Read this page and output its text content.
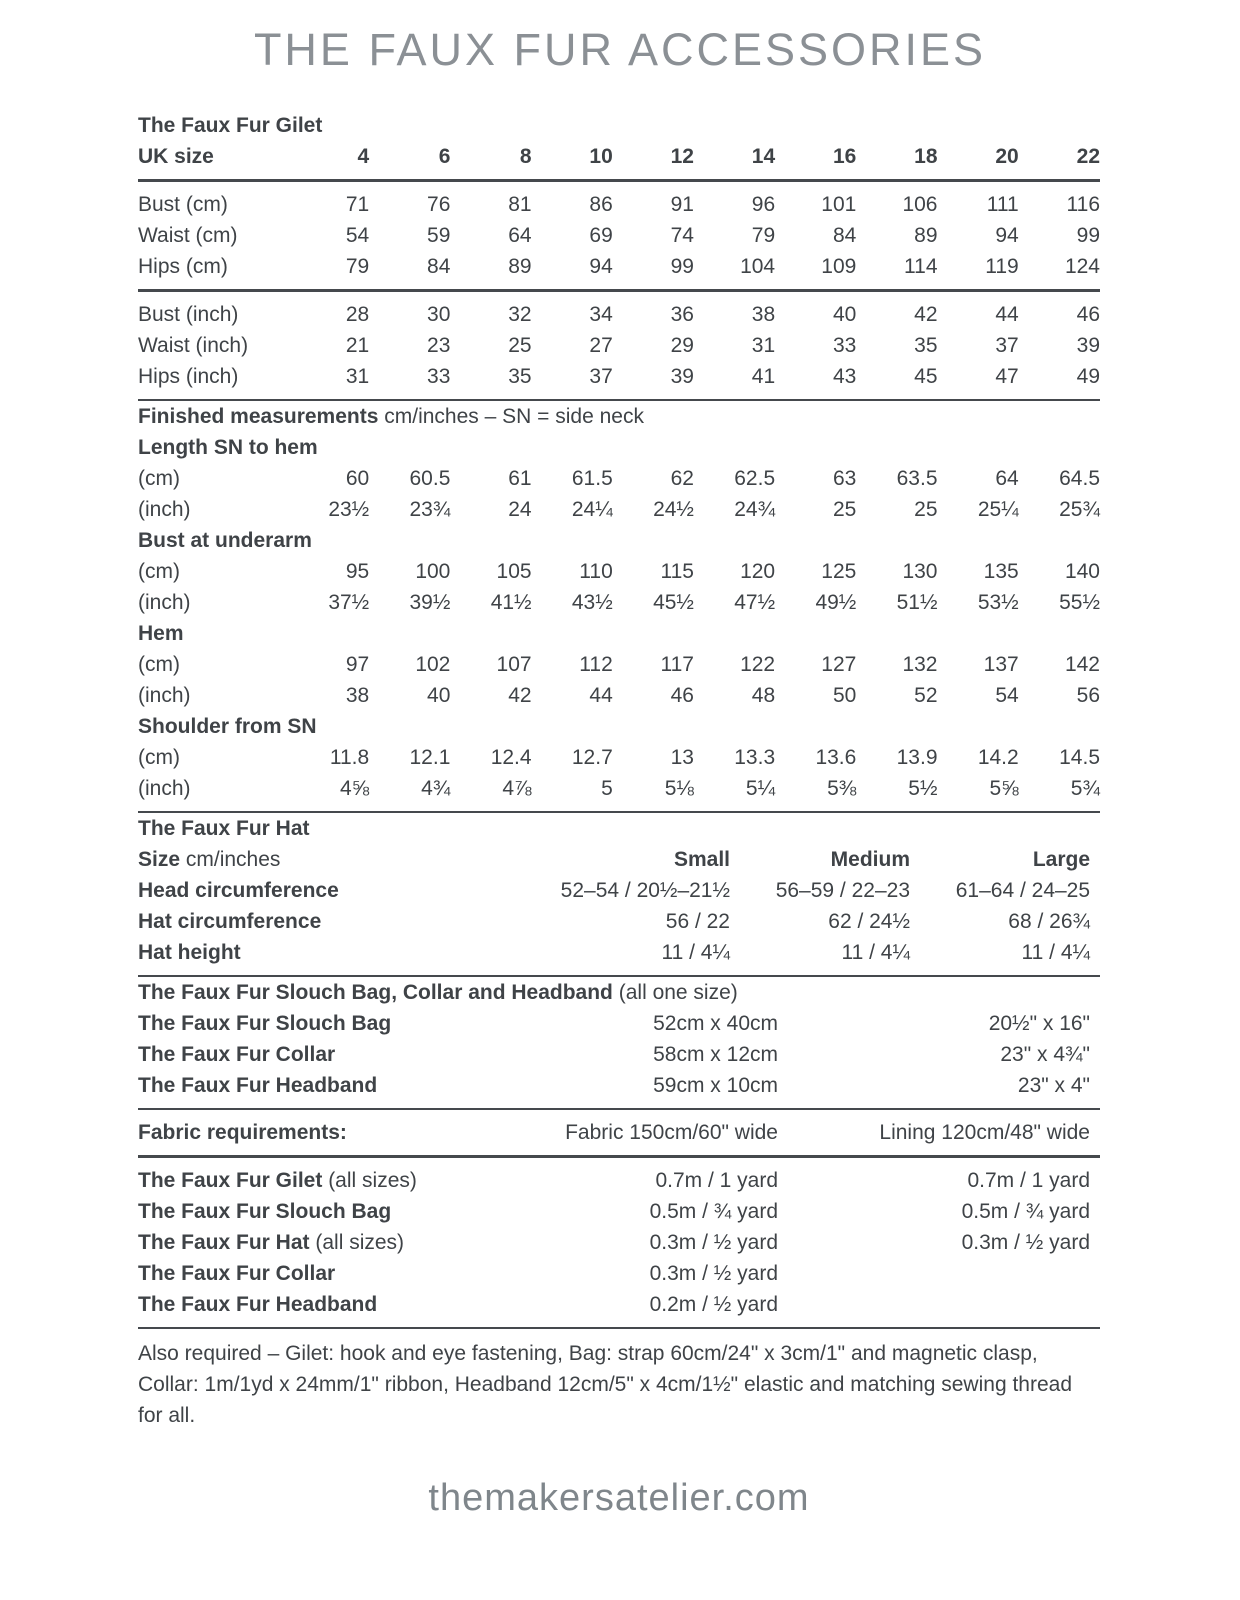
THE FAUX FUR ACCESSORIES
The Faux Fur Gilet										
UK size	4	6	8	10	12	14	16	18	20	22
Bust (cm)	71	76	81	86	91	96	101	106	111	116
Waist (cm)	54	59	64	69	74	79	84	89	94	99
Hips (cm)	79	84	89	94	99	104	109	114	119	124
Bust (inch)	28	30	32	34	36	38	40	42	44	46
Waist (inch)	21	23	25	27	29	31	33	35	37	39
Hips (inch)	31	33	35	37	39	41	43	45	47	49
Finished measurements cm/inches – SN = side neck										
Length SN to hem										
(cm)	60	60.5	61	61.5	62	62.5	63	63.5	64	64.5
(inch)	23½	23¾	24	24¼	24½	24¾	25	25	25¼	25¾
Bust at underarm										
(cm)	95	100	105	110	115	120	125	130	135	140
(inch)	37½	39½	41½	43½	45½	47½	49½	51½	53½	55½
Hem										
(cm)	97	102	107	112	117	122	127	132	137	142
(inch)	38	40	42	44	46	48	50	52	54	56
Shoulder from SN										
(cm)	11.8	12.1	12.4	12.7	13	13.3	13.6	13.9	14.2	14.5
(inch)	4⅝	4¾	4⅞	5	5⅛	5¼	5⅜	5½	5⅝	5¾
The Faux Fur Hat			
Size cm/inches	Small	Medium	Large
Head circumference	52–54 / 20½–21½	56–59 / 22–23	61–64 / 24–25
Hat circumference	56 / 22	62 / 24½	68 / 26¾
Hat height	11 / 4¼	11 / 4¼	11 / 4¼
The Faux Fur Slouch Bag, Collar and Headband (all one size)		
The Faux Fur Slouch Bag	52cm x 40cm	20½" x 16"
The Faux Fur Collar	58cm x 12cm	23" x 4¾"
The Faux Fur Headband	59cm x 10cm	23" x 4"
Fabric requirements:	Fabric 150cm/60" wide	Lining 120cm/48" wide
The Faux Fur Gilet (all sizes)	0.7m / 1 yard	0.7m / 1 yard
The Faux Fur Slouch Bag	0.5m / ¾ yard	0.5m / ¾ yard
The Faux Fur Hat (all sizes)	0.3m / ½ yard	0.3m / ½ yard
The Faux Fur Collar	0.3m / ½ yard	
The Faux Fur Headband	0.2m / ½ yard	

Also required – Gilet: hook and eye fastening, Bag: strap 60cm/24" x 3cm/1" and magnetic clasp, Collar: 1m/1yd x 24mm/1" ribbon, Headband 12cm/5" x 4cm/1½" elastic and matching sewing thread for all.

themakersatelier.com
